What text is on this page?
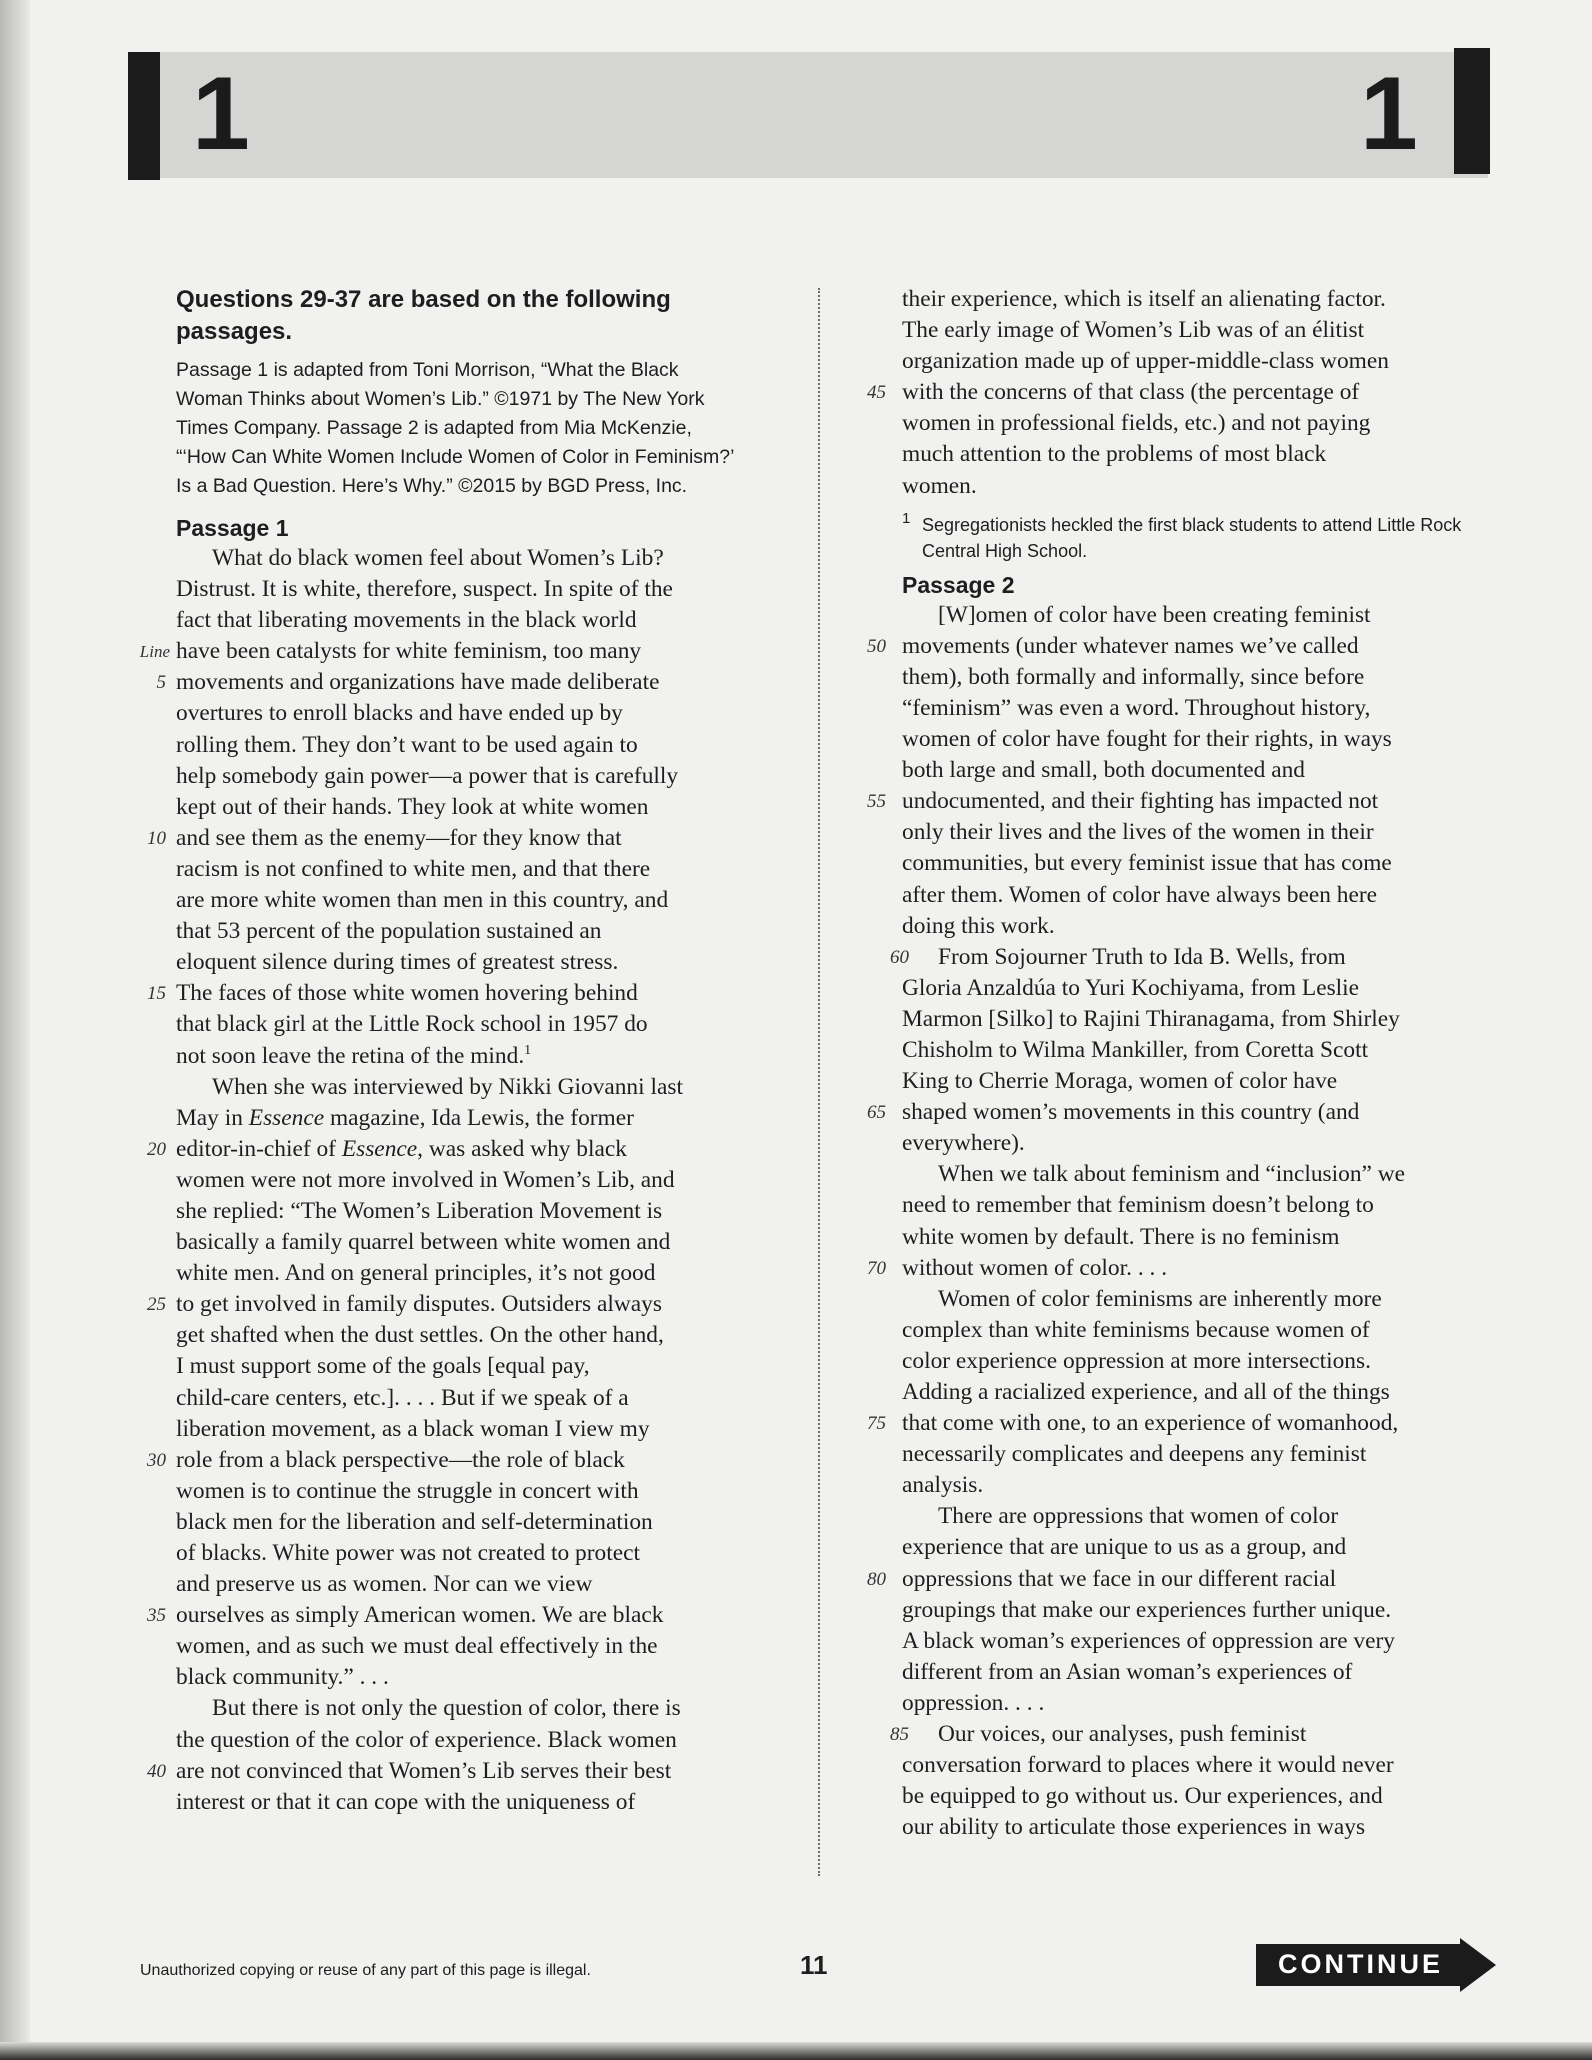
1	1

Questions 29-37 are based on the following passages.

Passage 1 is adapted from Toni Morrison, “What the Black Woman Thinks about Women’s Lib.” ©1971 by The New York Times Company. Passage 2 is adapted from Mia McKenzie, “‘How Can White Women Include Women of Color in Feminism?’ Is a Bad Question. Here’s Why.” ©2015 by BGD Press, Inc.

Passage 1

What do black women feel about Women’s Lib?
Distrust. It is white, therefore, suspect. In spite of the
fact that liberating movements in the black world
Line have been catalysts for white feminism, too many
5 movements and organizations have made deliberate
overtures to enroll blacks and have ended up by
rolling them. They don’t want to be used again to
help somebody gain power—a power that is carefully
kept out of their hands. They look at white women
10 and see them as the enemy—for they know that
racism is not confined to white men, and that there
are more white women than men in this country, and
that 53 percent of the population sustained an
eloquent silence during times of greatest stress.
15 The faces of those white women hovering behind
that black girl at the Little Rock school in 1957 do
not soon leave the retina of the mind.$^1$
When she was interviewed by Nikki Giovanni last
May in Essence magazine, Ida Lewis, the former
20 editor-in-chief of Essence, was asked why black
women were not more involved in Women’s Lib, and
she replied: “The Women’s Liberation Movement is
basically a family quarrel between white women and
white men. And on general principles, it’s not good
25 to get involved in family disputes. Outsiders always
get shafted when the dust settles. On the other hand,
I must support some of the goals [equal pay,
child-care centers, etc.]. . . . But if we speak of a
liberation movement, as a black woman I view my
30 role from a black perspective—the role of black
women is to continue the struggle in concert with
black men for the liberation and self-determination
of blacks. White power was not created to protect
and preserve us as women. Nor can we view
35 ourselves as simply American women. We are black
women, and as such we must deal effectively in the
black community.” . . .
But there is not only the question of color, there is
the question of the color of experience. Black women
40 are not convinced that Women’s Lib serves their best
interest or that it can cope with the uniqueness of
their experience, which is itself an alienating factor.
The early image of Women’s Lib was of an élitist
organization made up of upper-middle-class women
45 with the concerns of that class (the percentage of
women in professional fields, etc.) and not paying
much attention to the problems of most black
women.

1 Segregationists heckled the first black students to attend Little Rock Central High School.

Passage 2

[W]omen of color have been creating feminist
50 movements (under whatever names we’ve called
them), both formally and informally, since before
“feminism” was even a word. Throughout history,
women of color have fought for their rights, in ways
both large and small, both documented and
55 undocumented, and their fighting has impacted not
only their lives and the lives of the women in their
communities, but every feminist issue that has come
after them. Women of color have always been here
doing this work.
60 From Sojourner Truth to Ida B. Wells, from
Gloria Anzaldúa to Yuri Kochiyama, from Leslie
Marmon [Silko] to Rajini Thiranagama, from Shirley
Chisholm to Wilma Mankiller, from Coretta Scott
King to Cherrie Moraga, women of color have
65 shaped women’s movements in this country (and
everywhere).
When we talk about feminism and “inclusion” we
need to remember that feminism doesn’t belong to
white women by default. There is no feminism
70 without women of color. . . .
Women of color feminisms are inherently more
complex than white feminisms because women of
color experience oppression at more intersections.
Adding a racialized experience, and all of the things
75 that come with one, to an experience of womanhood,
necessarily complicates and deepens any feminist
analysis.
There are oppressions that women of color
experience that are unique to us as a group, and
80 oppressions that we face in our different racial
groupings that make our experiences further unique.
A black woman’s experiences of oppression are very
different from an Asian woman’s experiences of
oppression. . . .
85 Our voices, our analyses, push feminist
conversation forward to places where it would never
be equipped to go without us. Our experiences, and
our ability to articulate those experiences in ways
Unauthorized copying or reuse of any part of this page is illegal.	11	CONTINUE
